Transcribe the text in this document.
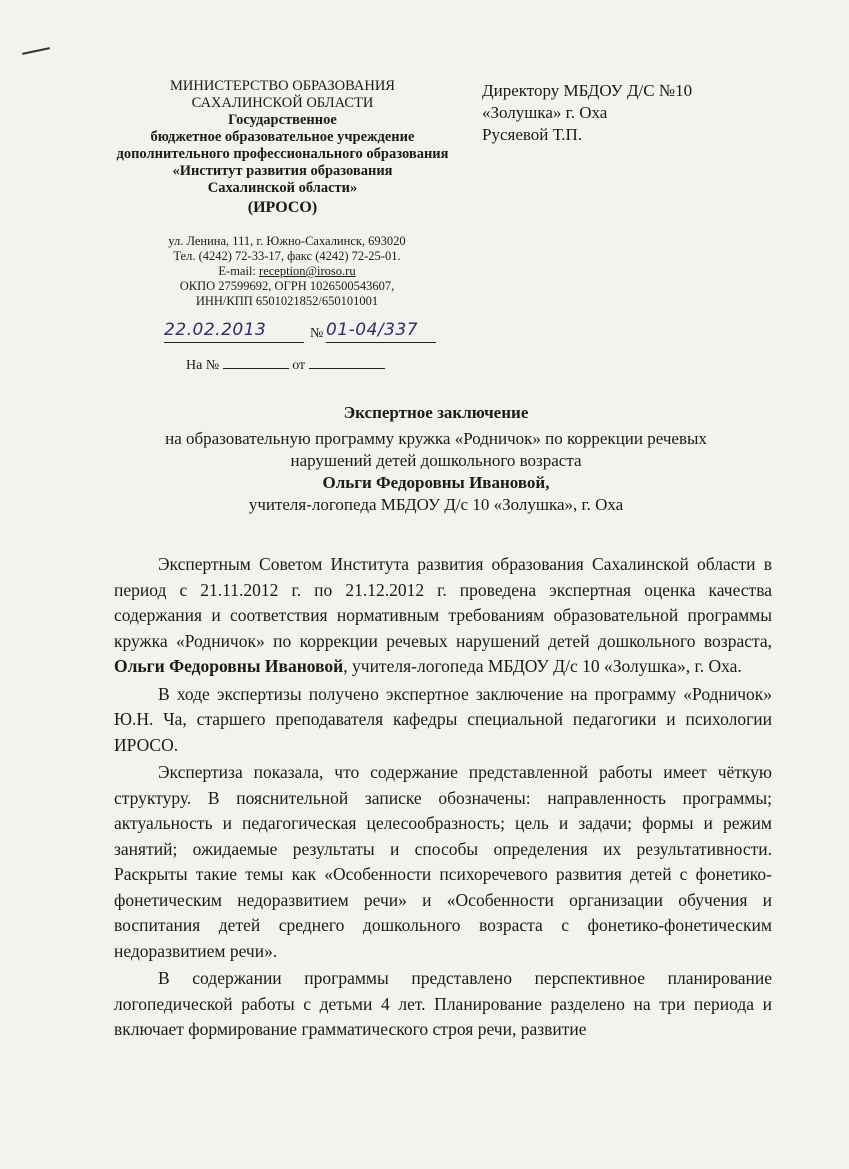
МИНИСТЕРСТВО ОБРАЗОВАНИЯ
САХАЛИНСКОЙ ОБЛАСТИ
Государственное
бюджетное образовательное учреждение
дополнительного профессионального образования
«Институт развития образования
Сахалинской области»
(ИРОСО)
ул. Ленина, 111, г. Южно-Сахалинск, 693020
Тел. (4242) 72-33-17, факс (4242) 72-25-01.
E-mail: reception@iroso.ru
ОКПО 27599692, ОГРН 1026500543607,
ИНН/КПП 6501021852/650101001
22.02.2013	№ 01-04/337
На №	от
Директору МБДОУ Д/С №10
«Золушка» г. Оха
Русяевой Т.П.
Экспертное заключение
на образовательную программу кружка «Родничок» по коррекции речевых
нарушений детей дошкольного возраста
Ольги Федоровны Ивановой,
учителя-логопеда МБДОУ Д/с 10 «Золушка», г. Оха

Экспертным Советом Института развития образования Сахалинской области в период с 21.11.2012 г. по 21.12.2012 г. проведена экспертная оценка качества содержания и соответствия нормативным требованиям образовательной программы кружка «Родничок» по коррекции речевых нарушений детей дошкольного возраста, Ольги Федоровны Ивановой, учителя-логопеда МБДОУ Д/с 10 «Золушка», г. Оха.

В ходе экспертизы получено экспертное заключение на программу «Родничок» Ю.Н. Ча, старшего преподавателя кафедры специальной педагогики и психологии ИРОСО.

Экспертиза показала, что содержание представленной работы имеет чёткую структуру. В пояснительной записке обозначены: направленность программы; актуальность и педагогическая целесообразность; цель и задачи; формы и режим занятий; ожидаемые результаты и способы определения их результативности. Раскрыты такие темы как «Особенности психоречевого развития детей с фонетико-фонетическим недоразвитием речи» и «Особенности организации обучения и воспитания детей среднего дошкольного возраста с фонетико-фонетическим недоразвитием речи».

В содержании программы представлено перспективное планирование логопедической работы с детьми 4 лет. Планирование разделено на три периода и включает формирование грамматического строя речи, развитие
